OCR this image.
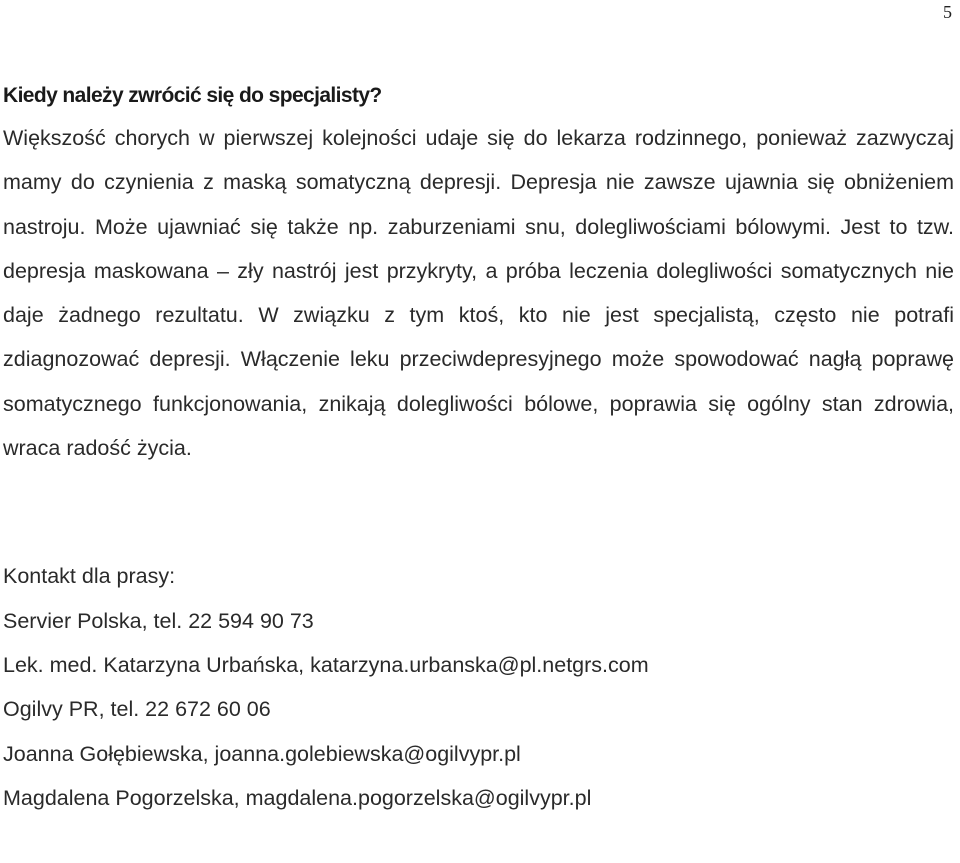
5
Kiedy należy zwrócić się do specjalisty?

Większość chorych w pierwszej kolejności udaje się do lekarza rodzinnego, ponieważ zazwyczaj mamy do czynienia z maską somatyczną depresji. Depresja nie zawsze ujawnia się obniżeniem nastroju. Może ujawniać się także np. zaburzeniami snu, dolegliwościami bólowymi. Jest to tzw. depresja maskowana – zły nastrój jest przykryty, a próba leczenia dolegliwości somatycznych nie daje żadnego rezultatu. W związku z tym ktoś, kto nie jest specjalistą, często nie potrafi zdiagnozować depresji. Włączenie leku przeciwdepresyjnego może spowodować nagłą poprawę somatycznego funkcjonowania, znikają dolegliwości bólowe, poprawia się ogólny stan zdrowia, wraca radość życia.

Kontakt dla prasy:
Servier Polska, tel. 22 594 90 73
Lek. med. Katarzyna Urbańska, katarzyna.urbanska@pl.netgrs.com
Ogilvy PR, tel. 22 672 60 06
Joanna Gołębiewska, joanna.golebiewska@ogilvypr.pl
Magdalena Pogorzelska, magdalena.pogorzelska@ogilvypr.pl
